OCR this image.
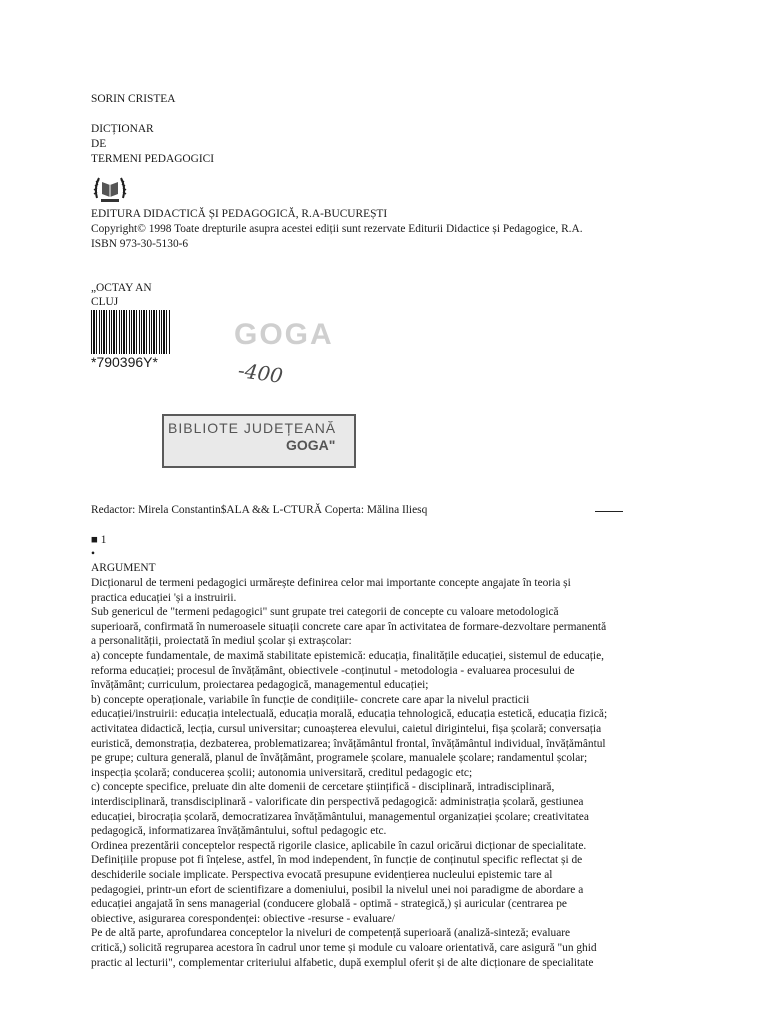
SORIN CRISTEA
DICȚIONAR
DE
TERMENI PEDAGOGICI
EDITURA DIDACTICĂ ȘI PEDAGOGICĂ, R.A-BUCUREȘTI
Copyright© 1998 Toate drepturile asupra acestei ediții sunt rezervate Editurii Didactice și Pedagogice, R.A.
ISBN 973-30-5130-6
„OCTAY AN
CLUJ
*790396Y*
GOGA
-400
BIBLIOTE JUDEȚEANĂ
GOGA"
Redactor: Mirela Constantin$ALA && L-CTURĂ Coperta: Mălina Iliesq
■ 1
•
ARGUMENT
Dicționarul de termeni pedagogici urmărește definirea celor mai importante concepte angajate în teoria și
practica educației 'și a instruirii.
Sub genericul de "termeni pedagogici" sunt grupate trei categorii de concepte cu valoare metodologică
superioară, confirmată în numeroasele situații concrete care apar în activitatea de formare-dezvoltare permanentă
a personalității, proiectată în mediul școlar și extrașcolar:
a) concepte fundamentale, de maximă stabilitate epistemică: educația, finalitățile educației, sistemul de educație,
reforma educației; procesul de învățământ, obiectivele -conținutul - metodologia - evaluarea procesului de
învățământ; curriculum, proiectarea pedagogică, managementul educației;
b) concepte operaționale, variabile în funcție de condițiile- concrete care apar la nivelul practicii
educației/instruirii: educația intelectuală, educația morală, educația tehnologică, educația estetică, educația fizică;
activitatea didactică, lecția, cursul universitar; cunoașterea elevului, caietul dirigintelui, fișa școlară; conversația
euristică, demonstrația, dezbaterea, problematizarea; învățământul frontal, învățământul individual, învățământul
pe grupe; cultura generală, planul de învățământ, programele școlare, manualele școlare; randamentul școlar;
inspecția școlară; conducerea școlii; autonomia universitară, creditul pedagogic etc;
c) concepte specifice, preluate din alte domenii de cercetare științifică - disciplinară, intradisciplinară,
interdisciplinară, transdisciplinară - valorificate din perspectivă pedagogică: administrația școlară, gestiunea
educației, birocrația școlară, democratizarea învățământului, managementul organizației școlare; creativitatea
pedagogică, informatizarea învățământului, softul pedagogic etc.
Ordinea prezentării conceptelor respectă rigorile clasice, aplicabile în cazul oricărui dicționar de specialitate.
Definițiile propuse pot fi înțelese, astfel, în mod independent, în funcție de conținutul specific reflectat și de
deschiderile sociale implicate. Perspectiva evocată presupune evidențierea nucleului epistemic tare al
pedagogiei, printr-un efort de scientifizare a domeniului, posibil la nivelul unei noi paradigme de abordare a
educației angajată în sens managerial (conducere globală - optimă - strategică,) și auricular (centrarea pe
obiective, asigurarea corespondenței: obiective -resurse - evaluare/
Pe de altă parte, aprofundarea conceptelor la niveluri de competență superioară (analiză-sinteză; evaluare
critică,) solicită regruparea acestora în cadrul unor teme și module cu valoare orientativă, care asigură "un ghid
practic al lecturii", complementar criteriului alfabetic, după exemplul oferit și de alte dicționare de specialitate
